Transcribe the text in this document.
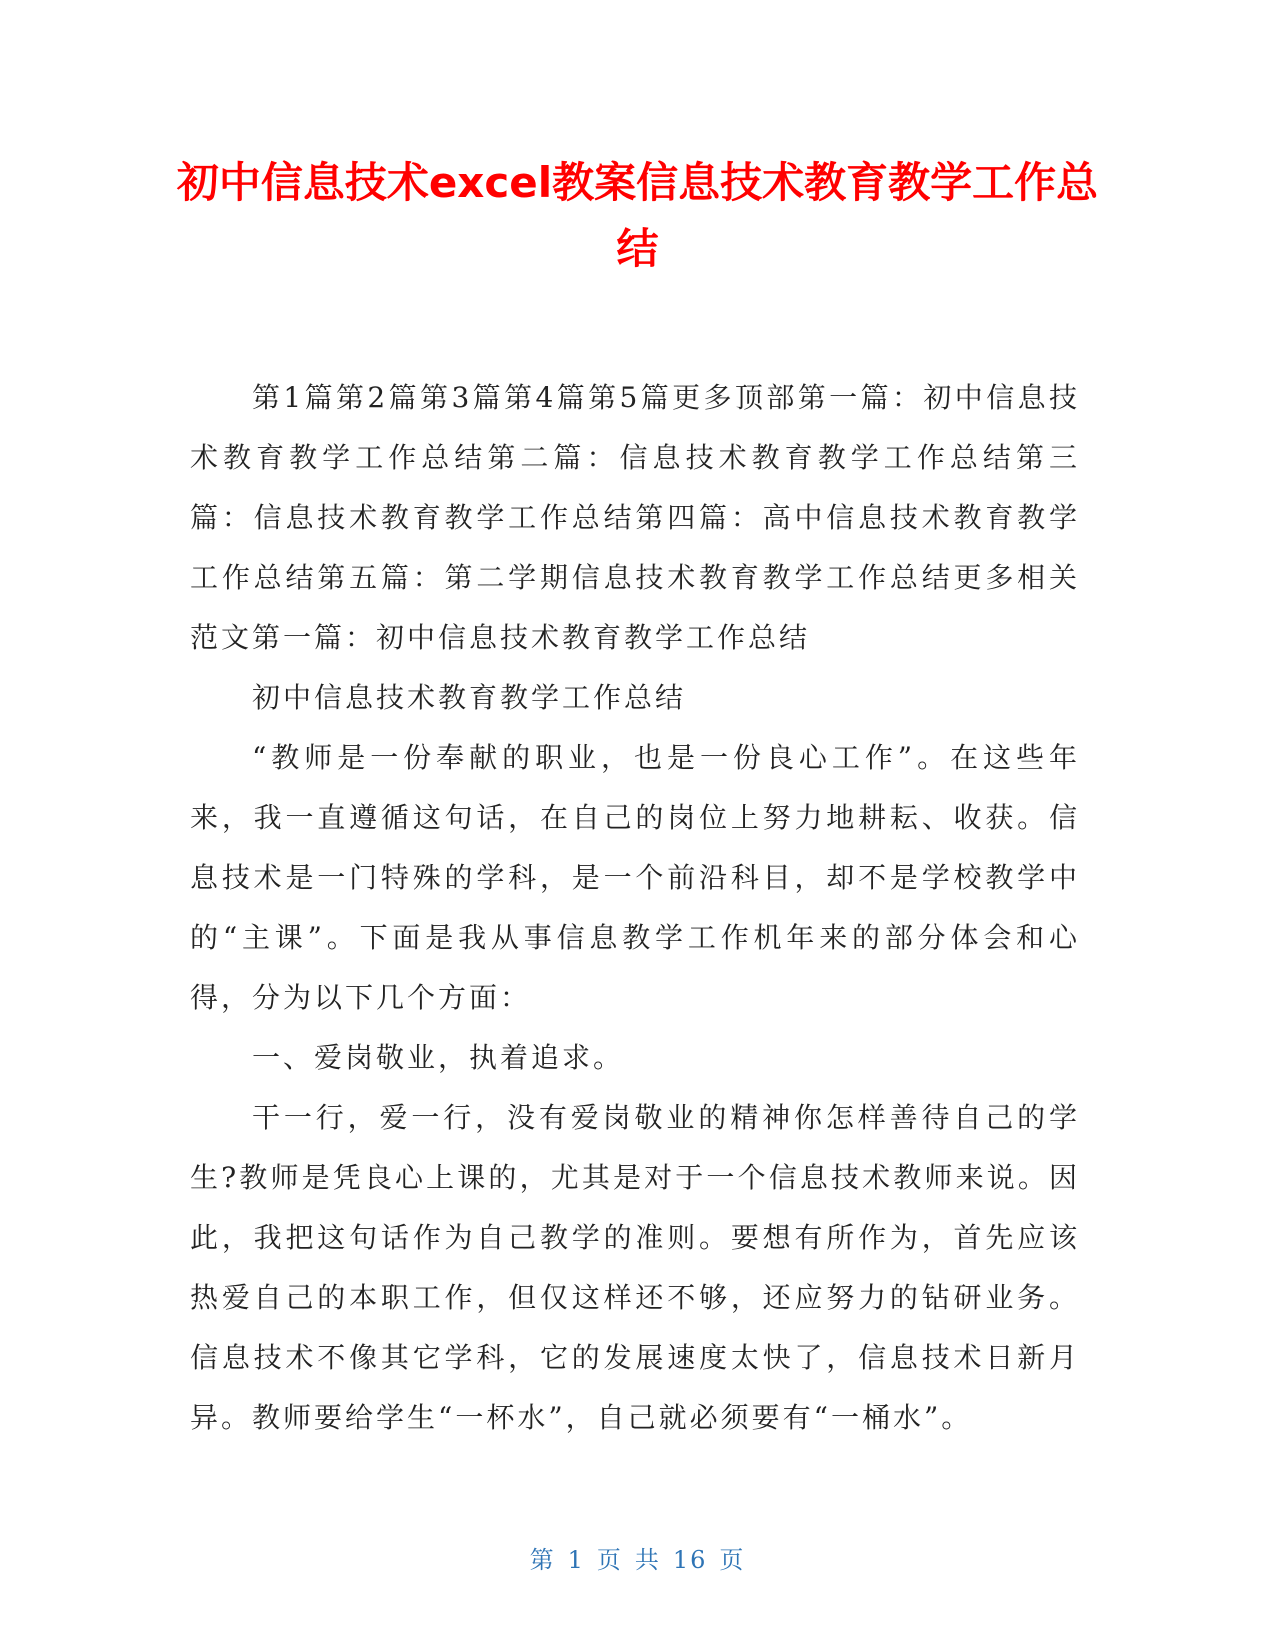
初中信息技术excel教案信息技术教育教学工作总结

第1篇第2篇第3篇第4篇第5篇更多顶部第一篇：初中信息技术教育教学工作总结第二篇：信息技术教育教学工作总结第三篇：信息技术教育教学工作总结第四篇：高中信息技术教育教学工作总结第五篇：第二学期信息技术教育教学工作总结更多相关范文第一篇：初中信息技术教育教学工作总结

初中信息技术教育教学工作总结

“教师是一份奉献的职业，也是一份良心工作”。在这些年来，我一直遵循这句话，在自己的岗位上努力地耕耘、收获。信息技术是一门特殊的学科，是一个前沿科目，却不是学校教学中的“主课”。下面是我从事信息教学工作机年来的部分体会和心得，分为以下几个方面：

一、爱岗敬业，执着追求。

干一行，爱一行，没有爱岗敬业的精神你怎样善待自己的学生?教师是凭良心上课的，尤其是对于一个信息技术教师来说。因此，我把这句话作为自己教学的准则。要想有所作为，首先应该热爱自己的本职工作，但仅这样还不够，还应努力的钻研业务。信息技术不像其它学科，它的发展速度太快了，信息技术日新月异。教师要给学生“一杯水”，自己就必须要有“一桶水”。

第 1 页 共 16 页
